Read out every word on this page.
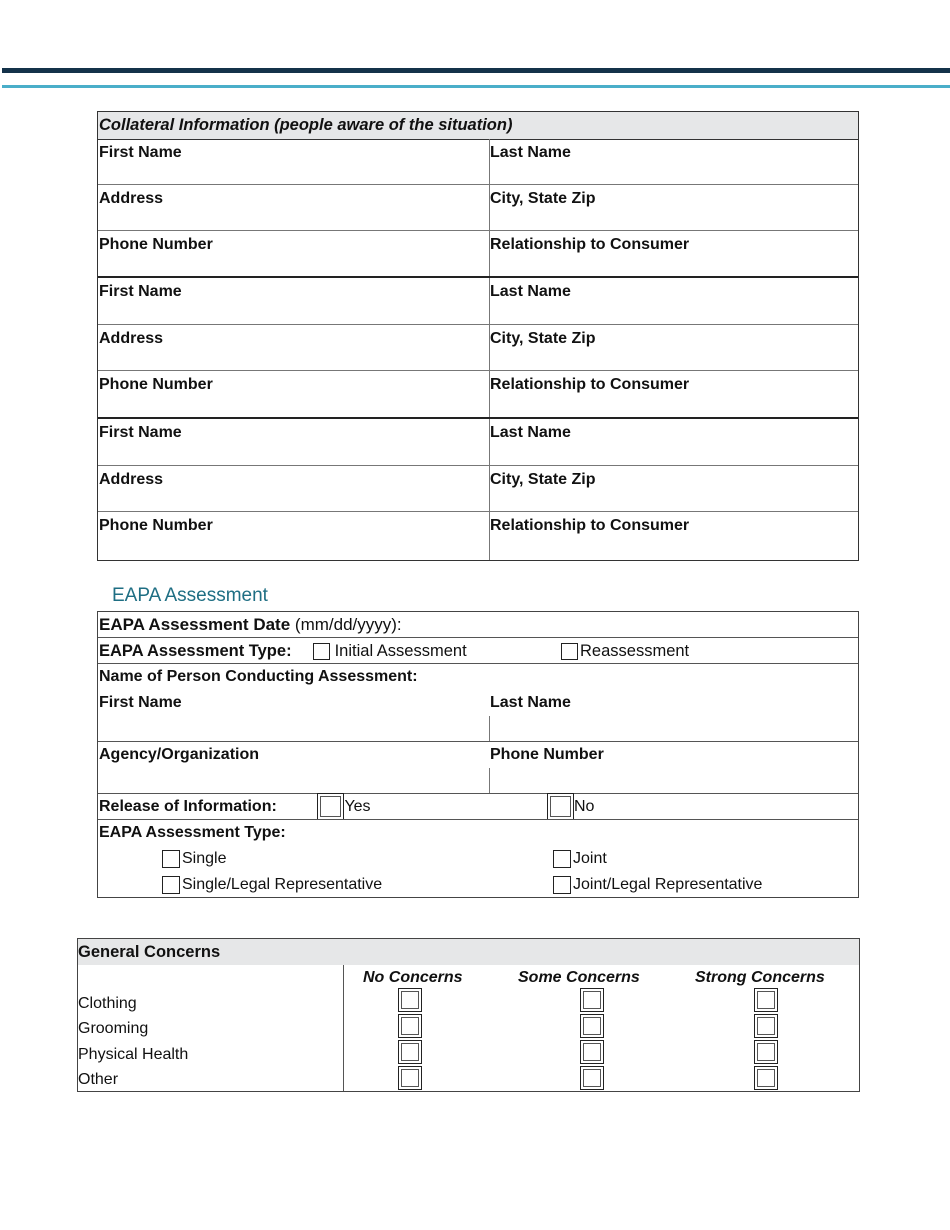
Collateral Information (people aware of the situation)
First Name	Last Name
Address	City, State Zip
Phone Number	Relationship to Consumer
First Name	Last Name
Address	City, State Zip
Phone Number	Relationship to Consumer
First Name	Last Name
Address	City, State Zip
Phone Number	Relationship to Consumer
EAPA Assessment
EAPA Assessment Date (mm/dd/yyyy):
EAPA Assessment Type:	Initial Assessment	Reassessment
Name of Person Conducting Assessment:
First Name	Last Name
Agency/Organization	Phone Number
Release of Information:	Yes	No
EAPA Assessment Type:
Single	Joint
Single/Legal Representative	Joint/Legal Representative
General Concerns
No Concerns	Some Concerns	Strong Concerns
Clothing
Grooming
Physical Health
Other
